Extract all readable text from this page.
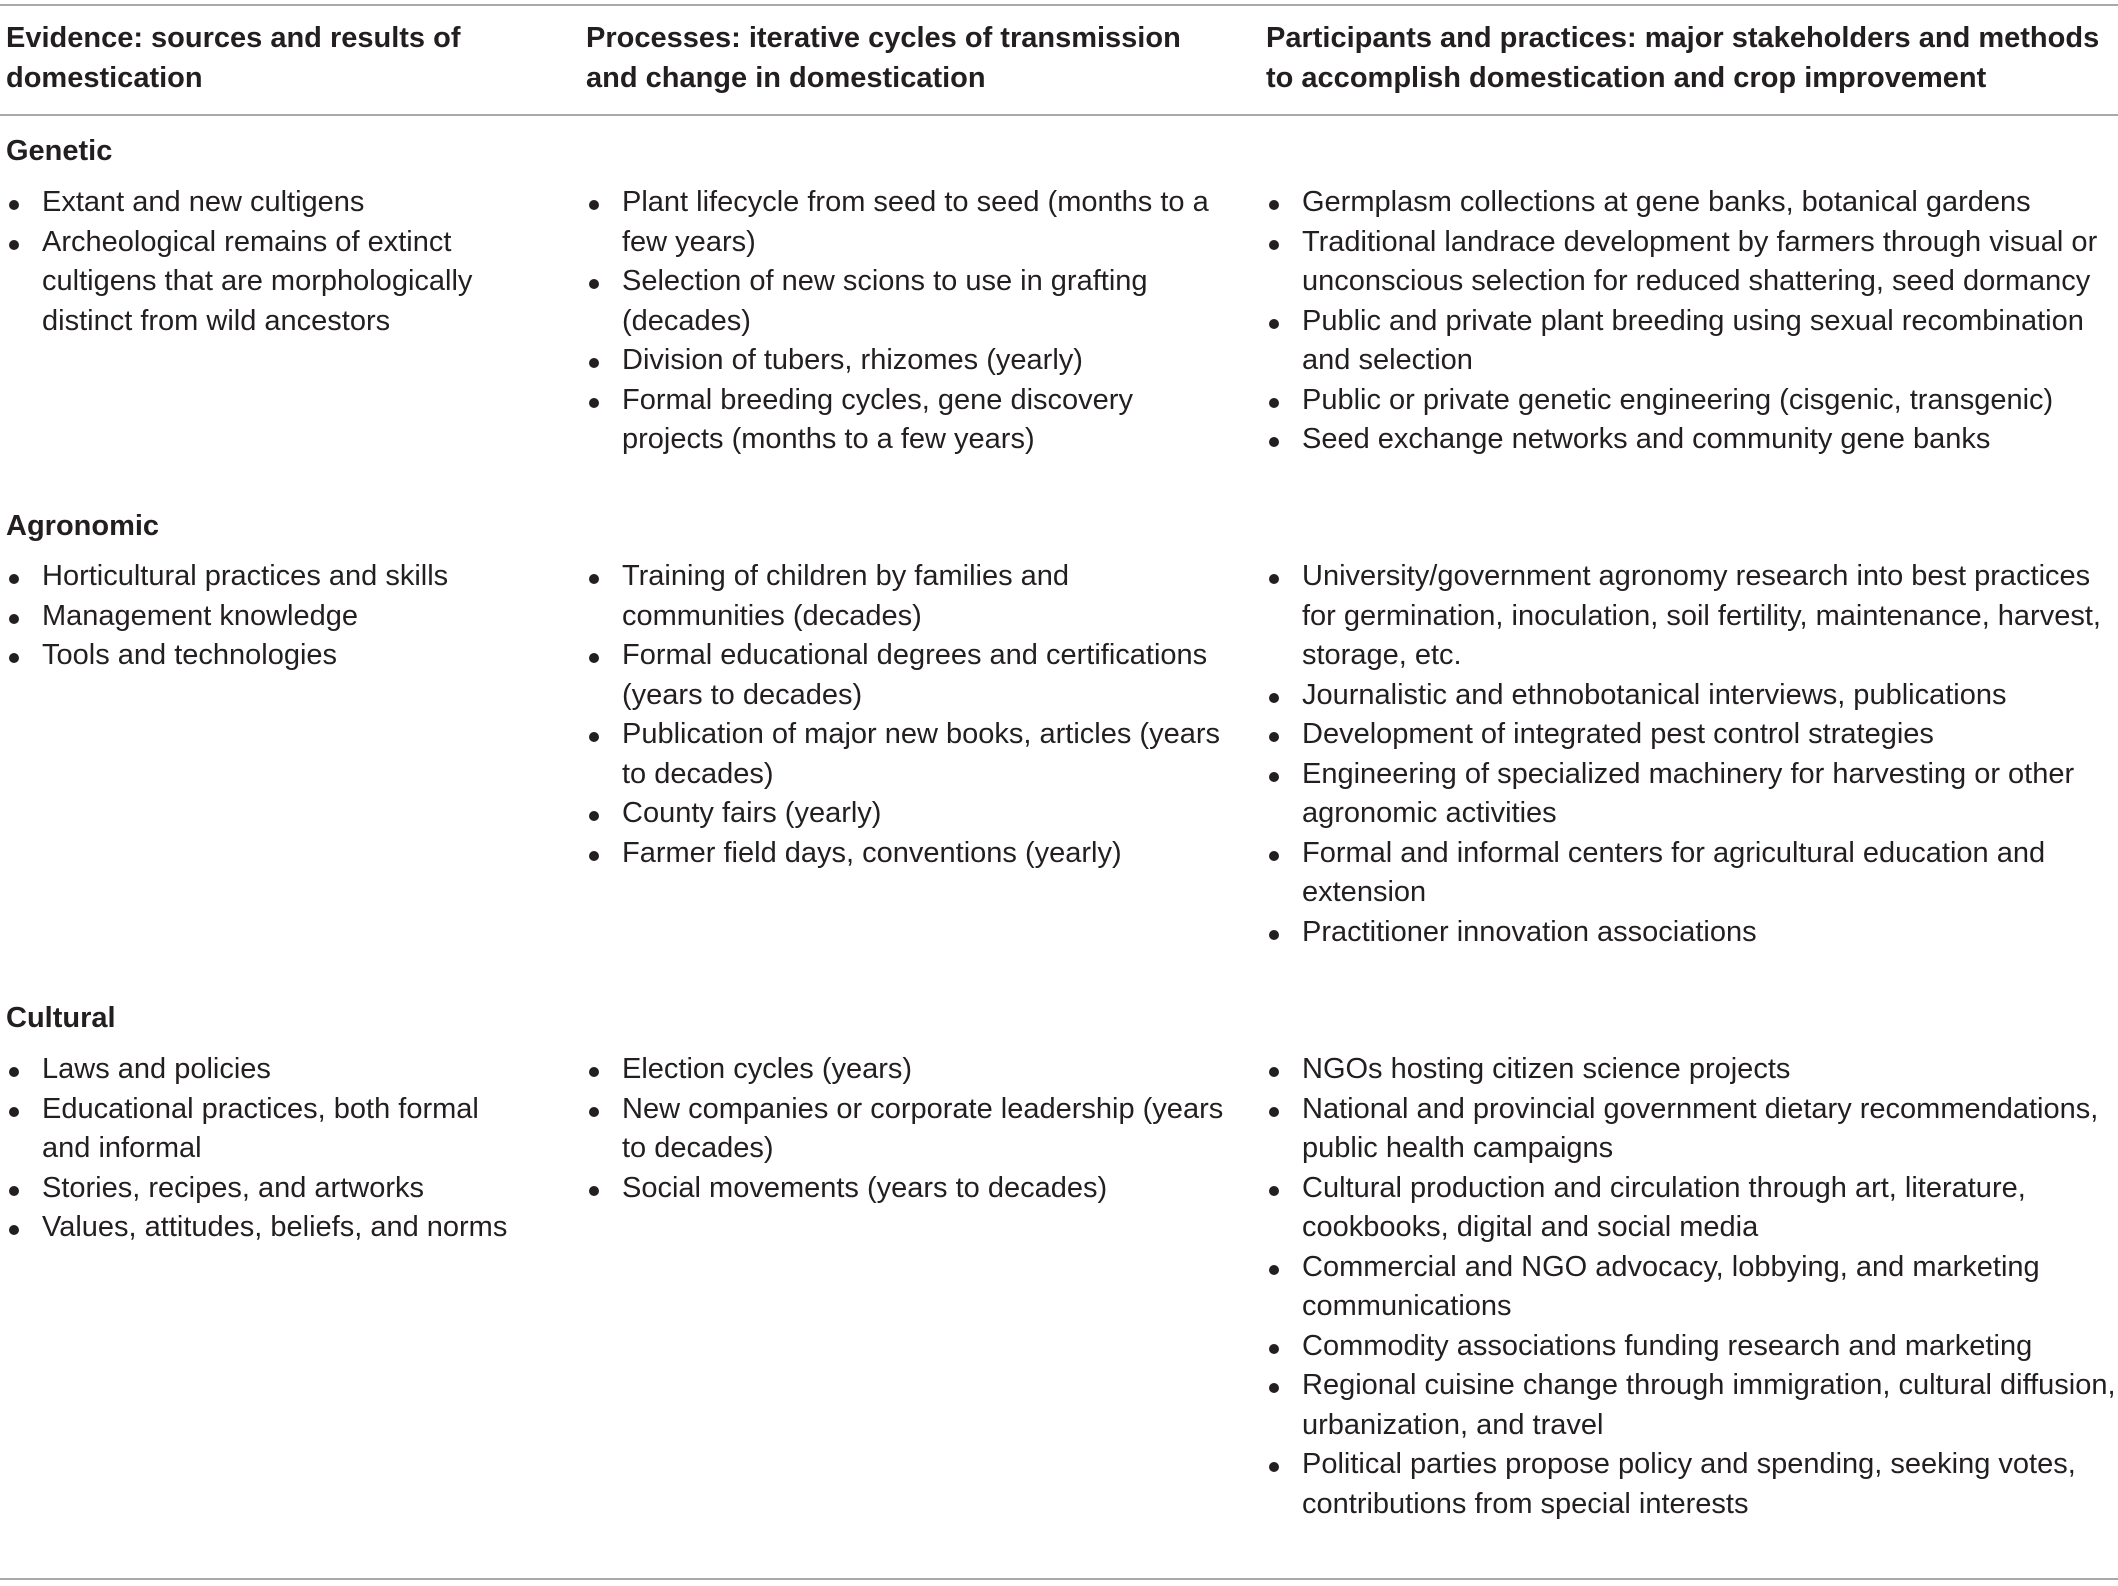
Evidence: sources and results of domestication
Processes: iterative cycles of transmission and change in domestication
Participants and practices: major stakeholders and methods to accomplish domestication and crop improvement
Genetic
Extant and new cultigens
Archeological remains of extinct cultigens that are morphologically distinct from wild ancestors
Plant lifecycle from seed to seed (months to a few years)
Selection of new scions to use in grafting (decades)
Division of tubers, rhizomes (yearly)
Formal breeding cycles, gene discovery projects (months to a few years)
Germplasm collections at gene banks, botanical gardens
Traditional landrace development by farmers through visual or unconscious selection for reduced shattering, seed dormancy
Public and private plant breeding using sexual recombination and selection
Public or private genetic engineering (cisgenic, transgenic)
Seed exchange networks and community gene banks
Agronomic
Horticultural practices and skills
Management knowledge
Tools and technologies
Training of children by families and communities (decades)
Formal educational degrees and certifications (years to decades)
Publication of major new books, articles (years to decades)
County fairs (yearly)
Farmer field days, conventions (yearly)
University/government agronomy research into best practices for germination, inoculation, soil fertility, maintenance, harvest, storage, etc.
Journalistic and ethnobotanical interviews, publications
Development of integrated pest control strategies
Engineering of specialized machinery for harvesting or other agronomic activities
Formal and informal centers for agricultural education and extension
Practitioner innovation associations
Cultural
Laws and policies
Educational practices, both formal and informal
Stories, recipes, and artworks
Values, attitudes, beliefs, and norms
Election cycles (years)
New companies or corporate leadership (years to decades)
Social movements (years to decades)
NGOs hosting citizen science projects
National and provincial government dietary recommendations, public health campaigns
Cultural production and circulation through art, literature, cookbooks, digital and social media
Commercial and NGO advocacy, lobbying, and marketing communications
Commodity associations funding research and marketing
Regional cuisine change through immigration, cultural diffusion, urbanization, and travel
Political parties propose policy and spending, seeking votes, contributions from special interests
